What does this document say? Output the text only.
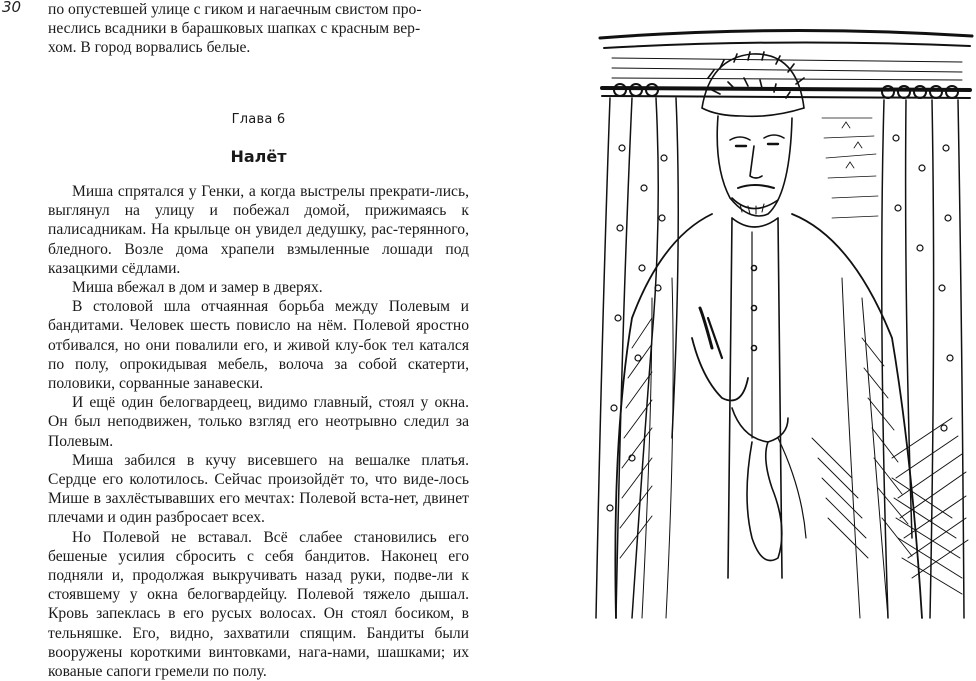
30 по опустевшей улице с гиком и нагаечным свистом про-

неслись всадники в барашковых шапках с красным вер-

хом. В город ворвались белые.

Глава 6
Налёт

Миша спрятался у Генки, а когда выстрелы прекрати-лись, выглянул на улицу и побежал домой, прижимаясь к палисадникам. На крыльце он увидел дедушку, рас-терянного, бледного. Возле дома храпели взмыленные лошади под казацкими сёдлами.

Миша вбежал в дом и замер в дверях.

В столовой шла отчаянная борьба между Полевым и бандитами. Человек шесть повисло на нём. Полевой яростно отбивался, но они повалили его, и живой клу-бок тел катался по полу, опрокидывая мебель, волоча за собой скатерти, половики, сорванные занавески.

И ещё один белогвардеец, видимо главный, стоял у окна. Он был неподвижен, только взгляд его неотрывно следил за Полевым.

Миша забился в кучу висевшего на вешалке платья. Сердце его колотилось. Сейчас произойдёт то, что виде-лось Мише в захлёстывавших его мечтах: Полевой вста-нет, двинет плечами и один разбросает всех.

Но Полевой не вставал. Всё слабее становились его бешеные усилия сбросить с себя бандитов. Наконец его подняли и, продолжая выкручивать назад руки, подве-ли к стоявшему у окна белогвардейцу. Полевой тяжело дышал. Кровь запеклась в его русых волосах. Он стоял босиком, в тельняшке. Его, видно, захватили спящим. Бандиты были вооружены короткими винтовками, нага-нами, шашками; их кованые сапоги гремели по полу.
